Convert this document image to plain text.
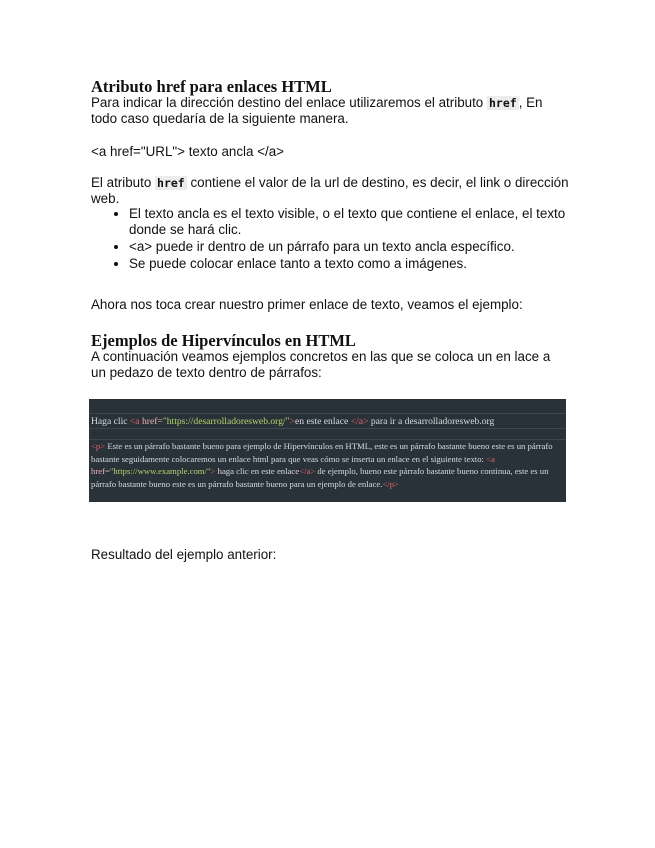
Atributo href para enlaces HTML
Para indicar la dirección destino del enlace utilizaremos el atributo href , En todo caso quedaría de la siguiente manera.
<a href="URL"> texto ancla </a>
El atributo href contiene el valor de la url de destino, es decir, el link o dirección web.
• El texto ancla es el texto visible, o el texto que contiene el enlace, el texto donde se hará clic.
• <a> puede ir dentro de un párrafo para un texto ancla específico.
• Se puede colocar enlace tanto a texto como a imágenes.
Ahora nos toca crear nuestro primer enlace de texto, veamos el ejemplo:
Ejemplos de Hipervínculos en HTML
A continuación veamos ejemplos concretos en las que se coloca un en lace a un pedazo de texto dentro de párrafos:
Haga clic <a href="https://desarrolladoresweb.org/">en este enlace </a> para ir a desarrolladoresweb.org
<p> Este es un párrafo bastante bueno para ejemplo de Hipervínculos en HTML, este es un párrafo bastante bueno este es un párrafo bastante seguidamente colocaremos un enlace html para que veas cómo se inserta un enlace en el siguiente texto: <a href="https://www.example.com/"> haga clic en este enlace</a> de ejemplo, bueno este párrafo bastante bueno continua, este es un párrafo bastante bueno este es un párrafo bastante bueno para un ejemplo de enlace.</p>
Resultado del ejemplo anterior:
